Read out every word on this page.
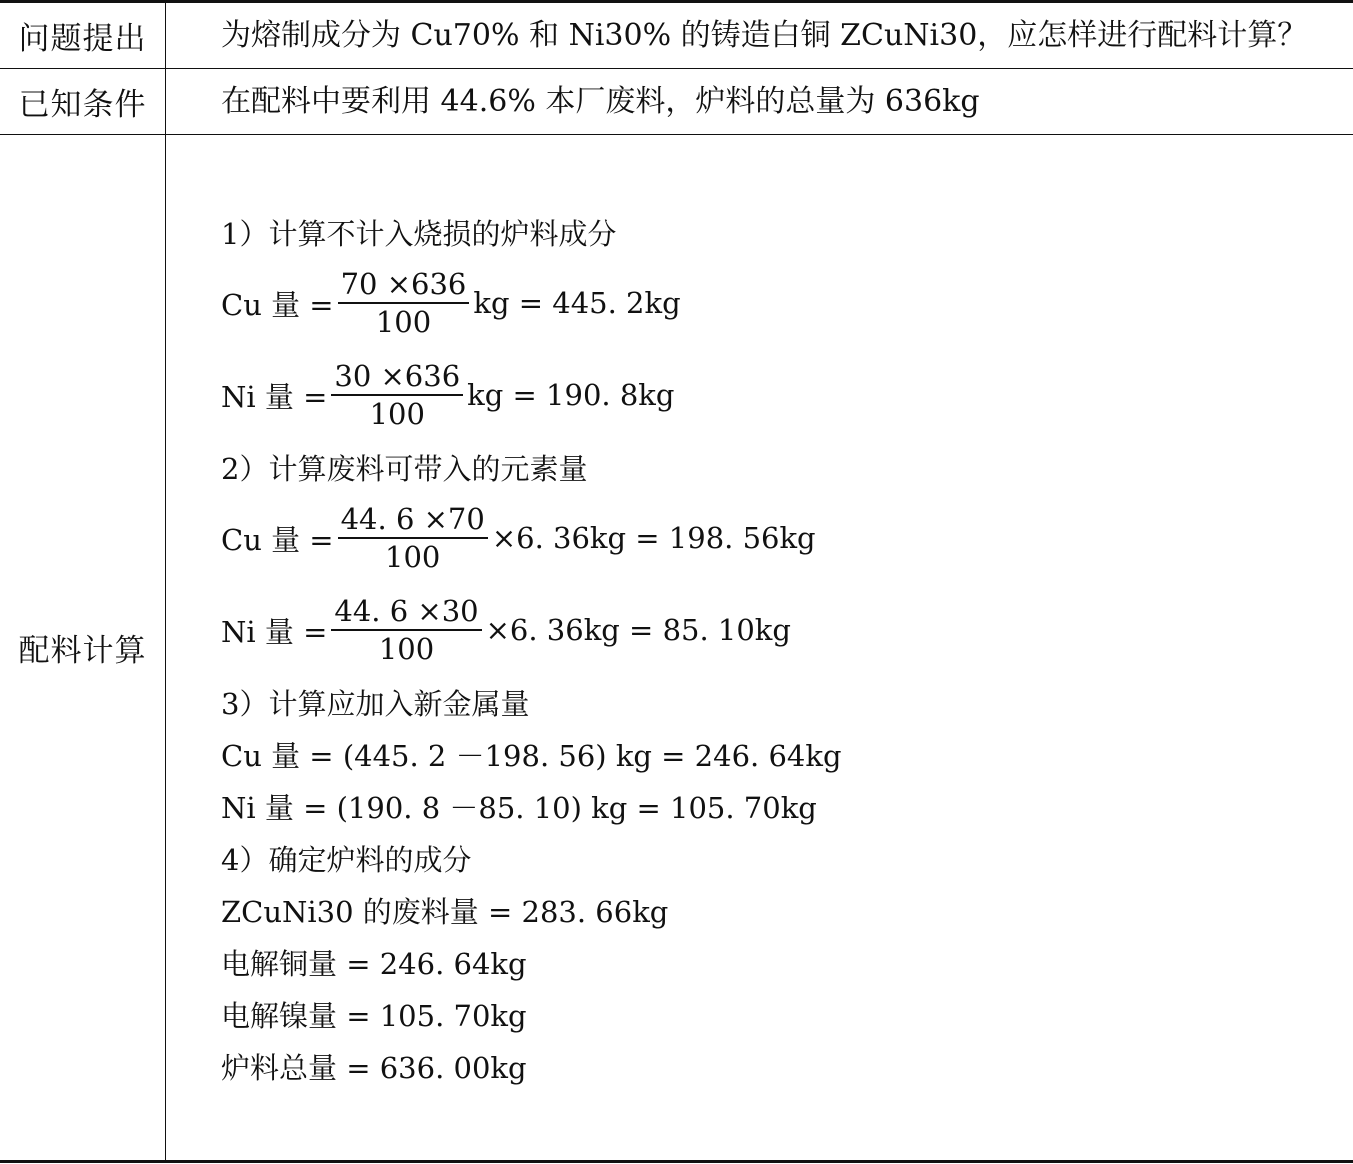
问题提出	为熔制成分为 Cu70% 和 Ni30% 的铸造白铜 ZCuNi30，应怎样进行配料计算？
已知条件	在配料中要利用 44.6% 本厂废料，炉料的总量为 636kg
配料计算
1）计算不计入烧损的炉料成分
Cu 量 = $\frac{70 \times 636}{100}$ kg = 445. 2kg
Ni 量 = $\frac{30 \times 636}{100}$ kg = 190. 8kg
2）计算废料可带入的元素量
Cu 量 = $\frac{44. 6 \times 70}{100} \times 6$. 36kg = 198. 56kg
Ni 量 = $\frac{44. 6 \times 30}{100} \times 6$. 36kg = 85. 10kg
3）计算应加入新金属量
Cu 量 = (445. 2 －198. 56) kg = 246. 64kg
Ni 量 = (190. 8 －85. 10) kg = 105. 70kg
4）确定炉料的成分
ZCuNi30 的废料量 = 283. 66kg
电解铜量 = 246. 64kg
电解镍量 = 105. 70kg
炉料总量 = 636. 00kg
